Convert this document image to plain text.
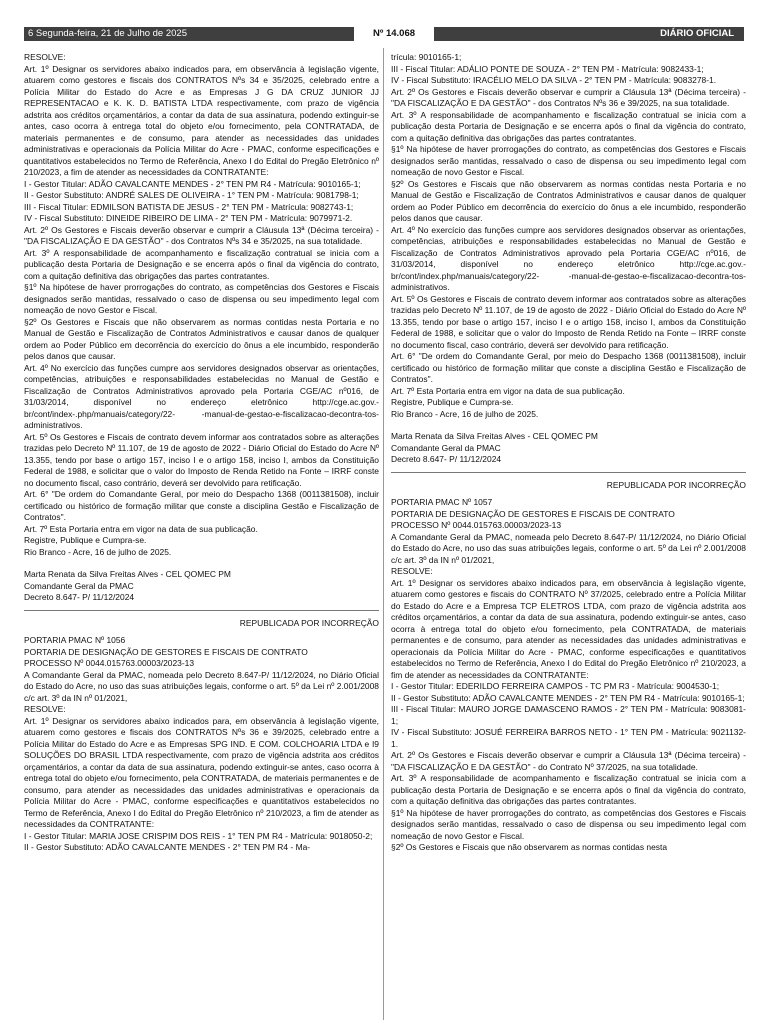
6 Segunda-feira, 21 de Julho de 2025	Nº 14.068	DIÁRIO OFICIAL

RESOLVE:

Art. 1º Designar os servidores abaixo indicados para, em observância à legislação vigente, atuarem como gestores e fiscais dos CONTRATOS Nºs 34 e 35/2025, celebrado entre a Polícia Militar do Estado do Acre e as Empresas J G DA CRUZ JUNIOR JJ REPRESENTACAO e K. K. D. BATISTA LTDA respectivamente, com prazo de vigência adstrita aos créditos orçamentários, a contar da data de sua assinatura, podendo extinguir-se antes, caso ocorra à entrega total do objeto e/ou fornecimento, pela CONTRATADA, de materiais permanentes e de consumo, para atender as necessidades das unidades administrativas e operacionais da Polícia Militar do Acre - PMAC, conforme especificações e quantitativos estabelecidos no Termo de Referência, Anexo I do Edital do Pregão Eletrônico nº 210/2023, a fim de atender as necessidades da CONTRATANTE:

I - Gestor Titular: ADÃO CAVALCANTE MENDES - 2° TEN PM R4 - Matrícula: 9010165-1;

II - Gestor Substituto: ANDRÉ SALES DE OLIVEIRA - 1° TEN PM - Matrícula: 9081798-1;

III - Fiscal Titular: EDMILSON BATISTA DE JESUS - 2° TEN PM - Matrícula: 9082743-1;

IV - Fiscal Substituto: DINEIDE RIBEIRO DE LIMA - 2° TEN PM - Matrícula: 9079971-2.

Art. 2º Os Gestores e Fiscais deverão observar e cumprir a Cláusula 13ª (Décima terceira) - "DA FISCALIZAÇÃO E DA GESTÃO" - dos Contratos Nºs 34 e 35/2025, na sua totalidade.

Art. 3º A responsabilidade de acompanhamento e fiscalização contratual se inicia com a publicação desta Portaria de Designação e se encerra após o final da vigência do contrato, com a quitação definitiva das obrigações das partes contratantes.

§1º Na hipótese de haver prorrogações do contrato, as competências dos Gestores e Fiscais designados serão mantidas, ressalvado o caso de dispensa ou seu impedimento legal com nomeação de novo Gestor e Fiscal.

§2º Os Gestores e Fiscais que não observarem as normas contidas nesta Portaria e no Manual de Gestão e Fiscalização de Contratos Administrativos e causar danos de qualquer ordem ao Poder Público em decorrência do exercício do ônus a ele incumbido, responderão pelos danos que causar.

Art. 4º No exercício das funções cumpre aos servidores designados observar as orientações, competências, atribuições e responsabilidades estabelecidas no Manual de Gestão e Fiscalização de Contratos Administrativos aprovado pela Portaria CGE/AC nº016, de 31/03/2014, disponível no endereço eletrônico http://cge.ac.gov.-br/cont/index-.php/manuais/category/22- -manual-de-gestao-e-fiscalizacao-decontra-tos-administrativos.

Art. 5º Os Gestores e Fiscais de contrato devem informar aos contratados sobre as alterações trazidas pelo Decreto Nº 11.107, de 19 de agosto de 2022 - Diário Oficial do Estado do Acre Nº 13.355, tendo por base o artigo 157, inciso I e o artigo 158, inciso I, ambos da Constituição Federal de 1988, e solicitar que o valor do Imposto de Renda Retido na Fonte – IRRF conste no documento fiscal, caso contrário, deverá ser devolvido para retificação.

Art. 6° "De ordem do Comandante Geral, por meio do Despacho 1368 (0011381508), incluir certificado ou histórico de formação militar que conste a disciplina Gestão e Fiscalização de Contratos".

Art. 7º Esta Portaria entra em vigor na data de sua publicação.

Registre, Publique e Cumpra-se.

Rio Branco - Acre, 16 de julho de 2025.

Marta Renata da Silva Freitas Alves - CEL QOMEC PM

Comandante Geral da PMAC

Decreto 8.647- P/ 11/12/2024

REPUBLICADA POR INCORREÇÃO

PORTARIA PMAC Nº 1056

PORTARIA DE DESIGNAÇÃO DE GESTORES E FISCAIS DE CONTRATO

PROCESSO Nº 0044.015763.00003/2023-13

A Comandante Geral da PMAC, nomeada pelo Decreto 8.647-P/ 11/12/2024, no Diário Oficial do Estado do Acre, no uso das suas atribuições legais, conforme o art. 5º da Lei nº 2.001/2008 c/c art. 3º da IN nº 01/2021,

RESOLVE:

Art. 1º Designar os servidores abaixo indicados para, em observância à legislação vigente, atuarem como gestores e fiscais dos CONTRATOS Nºs 36 e 39/2025, celebrado entre a Polícia Militar do Estado do Acre e as Empresas SPG IND. E COM. COLCHOARIA LTDA e I9 SOLUÇÕES DO BRASIL LTDA respectivamente, com prazo de vigência adstrita aos créditos orçamentários, a contar da data de sua assinatura, podendo extinguir-se antes, caso ocorra à entrega total do objeto e/ou fornecimento, pela CONTRATADA, de materiais permanentes e de consumo, para atender as necessidades das unidades administrativas e operacionais da Polícia Militar do Acre - PMAC, conforme especificações e quantitativos estabelecidos no Termo de Referência, Anexo I do Edital do Pregão Eletrônico nº 210/2023, a fim de atender as necessidades da CONTRATANTE:

I - Gestor Titular: MARIA JOSE CRISPIM DOS REIS - 1° TEN PM R4 - Matrícula: 9018050-2;

II - Gestor Substituto: ADÃO CAVALCANTE MENDES - 2° TEN PM R4 - Ma-

trícula: 9010165-1;

III - Fiscal Titular: ADÁLIO PONTE DE SOUZA - 2° TEN PM - Matrícula: 9082433-1;

IV - Fiscal Substituto: IRACÉLIO MELO DA SILVA - 2° TEN PM - Matrícula: 9083278-1.

Art. 2º Os Gestores e Fiscais deverão observar e cumprir a Cláusula 13ª (Décima terceira) - "DA FISCALIZAÇÃO E DA GESTÃO" - dos Contratos Nºs 36 e 39/2025, na sua totalidade.

Art. 3º A responsabilidade de acompanhamento e fiscalização contratual se inicia com a publicação desta Portaria de Designação e se encerra após o final da vigência do contrato, com a quitação definitiva das obrigações das partes contratantes.

§1º Na hipótese de haver prorrogações do contrato, as competências dos Gestores e Fiscais designados serão mantidas, ressalvado o caso de dispensa ou seu impedimento legal com nomeação de novo Gestor e Fiscal.

§2º Os Gestores e Fiscais que não observarem as normas contidas nesta Portaria e no Manual de Gestão e Fiscalização de Contratos Administrativos e causar danos de qualquer ordem ao Poder Público em decorrência do exercício do ônus a ele incumbido, responderão pelos danos que causar.

Art. 4º No exercício das funções cumpre aos servidores designados observar as orientações, competências, atribuições e responsabilidades estabelecidas no Manual de Gestão e Fiscalização de Contratos Administrativos aprovado pela Portaria CGE/AC nº016, de 31/03/2014, disponível no endereço eletrônico http://cge.ac.gov.-br/cont/index.php/manuais/category/22- -manual-de-gestao-e-fiscalizacao-decontra-tos-administrativos.

Art. 5º Os Gestores e Fiscais de contrato devem informar aos contratados sobre as alterações trazidas pelo Decreto Nº 11.107, de 19 de agosto de 2022 - Diário Oficial do Estado do Acre Nº 13.355, tendo por base o artigo 157, inciso I e o artigo 158, inciso I, ambos da Constituição Federal de 1988, e solicitar que o valor do Imposto de Renda Retido na Fonte – IRRF conste no documento fiscal, caso contrário, deverá ser devolvido para retificação.

Art. 6° "De ordem do Comandante Geral, por meio do Despacho 1368 (0011381508), incluir certificado ou histórico de formação militar que conste a disciplina Gestão e Fiscalização de Contratos".

Art. 7º Esta Portaria entra em vigor na data de sua publicação.

Registre, Publique e Cumpra-se.

Rio Branco - Acre, 16 de julho de 2025.

Marta Renata da Silva Freitas Alves - CEL QOMEC PM

Comandante Geral da PMAC

Decreto 8.647- P/ 11/12/2024

REPUBLICADA POR INCORREÇÃO

PORTARIA PMAC Nº 1057

PORTARIA DE DESIGNAÇÃO DE GESTORES E FISCAIS DE CONTRATO

PROCESSO Nº 0044.015763.00003/2023-13

A Comandante Geral da PMAC, nomeada pelo Decreto 8.647-P/ 11/12/2024, no Diário Oficial do Estado do Acre, no uso das suas atribuições legais, conforme o art. 5º da Lei nº 2.001/2008 c/c art. 3º da IN nº 01/2021,

RESOLVE:

Art. 1º Designar os servidores abaixo indicados para, em observância à legislação vigente, atuarem como gestores e fiscais do CONTRATO Nº 37/2025, celebrado entre a Polícia Militar do Estado do Acre e a Empresa TCP ELETROS LTDA, com prazo de vigência adstrita aos créditos orçamentários, a contar da data de sua assinatura, podendo extinguir-se antes, caso ocorra à entrega total do objeto e/ou fornecimento, pela CONTRATADA, de materiais permanentes e de consumo, para atender as necessidades das unidades administrativas e operacionais da Polícia Militar do Acre - PMAC, conforme especificações e quantitativos estabelecidos no Termo de Referência, Anexo I do Edital do Pregão Eletrônico nº 210/2023, a fim de atender as necessidades da CONTRATANTE:

I - Gestor Titular: EDERILDO FERREIRA CAMPOS - TC PM R3 - Matrícula: 9004530-1;

II - Gestor Substituto: ADÃO CAVALCANTE MENDES - 2° TEN PM R4 - Matrícula: 9010165-1;

III - Fiscal Titular: MAURO JORGE DAMASCENO RAMOS - 2° TEN PM - Matrícula: 9083081-1;

IV - Fiscal Substituto: JOSUÉ FERREIRA BARROS NETO - 1° TEN PM - Matrícula: 9021132-1.

Art. 2º Os Gestores e Fiscais deverão observar e cumprir a Cláusula 13ª (Décima terceira) - "DA FISCALIZAÇÃO E DA GESTÃO" - do Contrato Nº 37/2025, na sua totalidade.

Art. 3º A responsabilidade de acompanhamento e fiscalização contratual se inicia com a publicação desta Portaria de Designação e se encerra após o final da vigência do contrato, com a quitação definitiva das obrigações das partes contratantes.

§1º Na hipótese de haver prorrogações do contrato, as competências dos Gestores e Fiscais designados serão mantidas, ressalvado o caso de dispensa ou seu impedimento legal com nomeação de novo Gestor e Fiscal.

§2º Os Gestores e Fiscais que não observarem as normas contidas nesta
